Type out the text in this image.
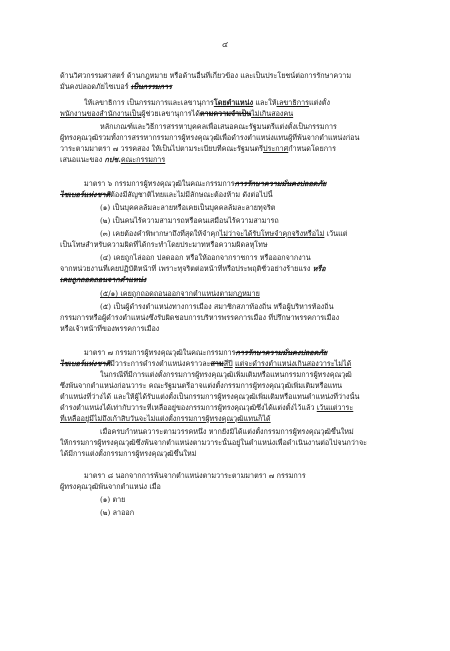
๔
ด้านวิศวกรรมศาสตร์ ด้านกฎหมาย หรือด้านอื่นที่เกี่ยวข้อง และเป็นประโยชน์ต่อการรักษาความ
มั่นคงปลอดภัยไซเบอร์ เป็นกรรมการ
ให้เลขาธิการ เป็นกรรมการและเลขานุการโดยตำแหน่ง และให้เลขาธิการแต่งตั้ง
พนักงานของสำนักงานเป็นผู้ช่วยเลขานุการได้ตามความจำเป็นไม่เกินสองคน
หลักเกณฑ์และวิธีการสรรหาบุคคลเพื่อเสนอคณะรัฐมนตรีแต่งตั้งเป็นกรรมการ
ผู้ทรงคุณวุฒิรวมทั้งการสรรหากรรมการผู้ทรงคุณวุฒิเพื่อดำรงตำแหน่งแทนผู้ที่พ้นจากตำแหน่งก่อน
วาระตามมาตรา ๗ วรรคสอง ให้เป็นไปตามระเบียบที่คณะรัฐมนตรีประกาศกำหนดโดยการ
เสนอแนะของ กปช.คณะกรรมการ
มาตรา ๖ กรรมการผู้ทรงคุณวุฒิในคณะกรรมการการรักษาความมั่นคงปลอดภัย
ไซเบอร์แห่งชาติต้องมีสัญชาติไทยและไม่มีลักษณะต้องห้าม ดังต่อไปนี้
(๑) เป็นบุคคลล้มละลายหรือเคยเป็นบุคคลล้มละลายทุจริต
(๒) เป็นคนไร้ความสามารถหรือคนเสมือนไร้ความสามารถ
(๓) เคยต้องคำพิพากษาถึงที่สุดให้จำคุกไม่ว่าจะได้รับโทษจำคุกจริงหรือไม่ เว้นแต่
เป็นโทษสำหรับความผิดที่ได้กระทำโดยประมาทหรือความผิดลหุโทษ
(๔) เคยถูกไล่ออก ปลดออก หรือให้ออกจากราชการ หรือออกจากงาน
จากหน่วยงานที่เคยปฏิบัติหน้าที่ เพราะทุจริตต่อหน้าที่หรือประพฤติชั่วอย่างร้ายแรง หรือ
เคยถูกถอดถอนจากตำแหน่ง
(๕/๑) เคยถูกถอดถอนออกจากตำแหน่งตามกฎหมาย
(๕) เป็นผู้ดำรงตำแหน่งทางการเมือง สมาชิกสภาท้องถิ่น หรือผู้บริหารท้องถิ่น
กรรมการหรือผู้ดำรงตำแหน่งซึ่งรับผิดชอบการบริหารพรรคการเมือง ที่ปรึกษาพรรคการเมือง
หรือเจ้าหน้าที่ของพรรคการเมือง
มาตรา ๗ กรรมการผู้ทรงคุณวุฒิในคณะกรรมการการรักษาความมั่นคงปลอดภัย
ไซเบอร์แห่งชาติมีวาระการดำรงตำแหน่งคราวละสามสี่ปี แต่จะดำรงตำแหน่งเกินสองวาระไม่ได้
ในกรณีที่มีการแต่งตั้งกรรมการผู้ทรงคุณวุฒิเพิ่มเติมหรือแทนกรรมการผู้ทรงคุณวุฒิ
ซึ่งพ้นจากตำแหน่งก่อนวาระ คณะรัฐมนตรีอาจแต่งตั้งกรรมการผู้ทรงคุณวุฒิเพิ่มเติมหรือแทน
ตำแหน่งที่ว่างได้ และให้ผู้ได้รับแต่งตั้งเป็นกรรมการผู้ทรงคุณวุฒิเพิ่มเติมหรือแทนตำแหน่งที่ว่างนั้น
ดำรงตำแหน่งได้เท่ากับวาระที่เหลืออยู่ของกรรมการผู้ทรงคุณวุฒิซึ่งได้แต่งตั้งไว้แล้ว เว้นแต่วาระ
ที่เหลืออยู่มีไม่ถึงเก้าสิบวันจะไม่แต่งตั้งกรรมการผู้ทรงคุณวุฒิแทนก็ได้
เมื่อครบกำหนดวาระตามวรรคหนึ่ง หากยังมิได้แต่งตั้งกรรมการผู้ทรงคุณวุฒิขึ้นใหม่
ให้กรรมการผู้ทรงคุณวุฒิซึ่งพ้นจากตำแหน่งตามวาระนั้นอยู่ในตำแหน่งเพื่อดำเนินงานต่อไปจนกว่าจะ
ได้มีการแต่งตั้งกรรมการผู้ทรงคุณวุฒิขึ้นใหม่
มาตรา ๘ นอกจากการพ้นจากตำแหน่งตามวาระตามมาตรา ๗ กรรมการ
ผู้ทรงคุณวุฒิพ้นจากตำแหน่ง เมื่อ
(๑) ตาย
(๒) ลาออก
